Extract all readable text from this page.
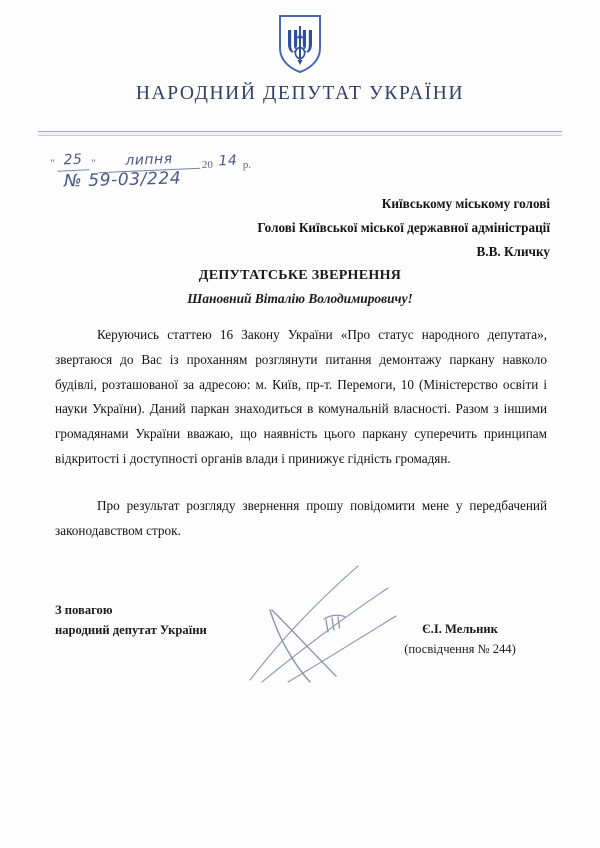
НАРОДНИЙ ДЕПУТАТ УКРАЇНИ
" 25 "	липня	20 14 р.
№ 59-03/224
Київському міському голові
Голові Київської міської державної адміністрації
В.В. Кличку
ДЕПУТАТСЬКЕ ЗВЕРНЕННЯ
Шановний Віталію Володимировичу!

Керуючись статтею 16 Закону України «Про статус народного депутата», звертаюся до Вас із проханням розглянути питання демонтажу паркану навколо будівлі, розташованої за адресою: м. Київ, пр-т. Перемоги, 10 (Міністерство освіти і науки України). Даний паркан знаходиться в комунальній власності. Разом з іншими громадянами України вважаю, що наявність цього паркану суперечить принципам відкритості і доступності органів влади і принижує гідність громадян.

Про результат розгляду звернення прошу повідомити мене у передбачений законодавством строк.

З повагою
народний депутат України	Є.І. Мельник
(посвідчення № 244)
